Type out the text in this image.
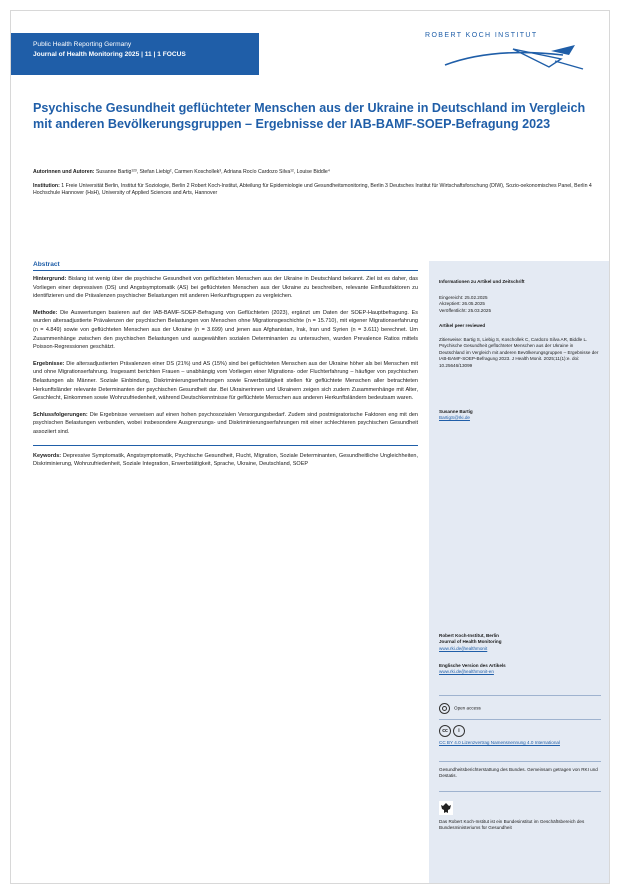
Public Health Reporting Germany
Journal of Health Monitoring 2025 | 11 | 1 FOCUS
ROBERT KOCH INSTITUT
Psychische Gesundheit geflüchteter Menschen aus der Ukraine in Deutschland im Vergleich mit anderen Bevölkerungsgruppen – Ergebnisse der IAB-BAMF-SOEP-Befragung 2023
Autorinnen und Autoren: Susanne Bartig¹²³, Stefan Liebig², Carmen Koschollek³, Adriana Rocío Cardozo Silva¹², Louise Biddle⁴
Institution: 1 Freie Universität Berlin, Institut für Soziologie, Berlin 2 Robert Koch-Institut, Abteilung für Epidemiologie und Gesundheitsmonitoring, Berlin 3 Deutsches Institut für Wirtschaftsforschung (DIW), Sozio-oekonomisches Panel, Berlin 4 Hochschule Hannover (HsH), University of Applied Sciences and Arts, Hannover
Abstract

Hintergrund: Bislang ist wenig über die psychische Gesundheit von geflüchteten Menschen aus der Ukraine in Deutschland bekannt. Ziel ist es daher, das Vorliegen einer depressiven (DS) und Angstsymptomatik (AS) bei geflüchteten Menschen aus der Ukraine zu beschreiben, relevante Einflussfaktoren zu identifizieren und die Prävalenzen psychischer Belastungen mit anderen Herkunftsgruppen zu vergleichen.

Methode: Die Auswertungen basieren auf der IAB-BAMF-SOEP-Befragung von Geflüchteten (2023), ergänzt um Daten der SOEP-Hauptbefragung. Es wurden altersadjustierte Prävalenzen der psychischen Belastungen von Menschen ohne Migrationsgeschichte (n = 15.710), mit eigener Migrationserfahrung (n = 4.849) sowie von geflüchteten Menschen aus der Ukraine (n = 3.699) und jenen aus Afghanistan, Irak, Iran und Syrien (n = 3.611) berechnet. Um Zusammenhänge zwischen den psychischen Belastungen und ausgewählten sozialen Determinanten zu untersuchen, wurden Prevalence Ratios mittels Poisson-Regressionen geschätzt.

Ergebnisse: Die altersadjustierten Prävalenzen einer DS (21%) und AS (15%) sind bei geflüchteten Menschen aus der Ukraine höher als bei Menschen mit und ohne Migrationserfahrung. Insgesamt berichten Frauen – unabhängig vom Vorliegen einer Migrations- oder Fluchterfahrung – häufiger von psychischen Belastungen als Männer. Soziale Einbindung, Diskriminierungserfahrungen sowie Erwerbstätigkeit stellen für geflüchtete Menschen aller betrachteten Herkunftsländer relevante Determinanten der psychischen Gesundheit dar. Bei Ukrainerinnen und Ukrainern zeigen sich zudem Zusammenhänge mit Alter, Geschlecht, Einkommen sowie Wohnzufriedenheit, während Deutschkenntnisse für geflüchtete Menschen aus anderen Herkunftsländern bedeutsam waren.

Schlussfolgerungen: Die Ergebnisse verweisen auf einen hohen psychosozialen Versorgungsbedarf. Zudem sind postmigratorische Faktoren eng mit den psychischen Belastungen verbunden, wobei insbesondere Ausgrenzungs- und Diskriminierungserfahrungen mit einer schlechteren psychischen Gesundheit assoziiert sind.

Keywords: Depressive Symptomatik, Angstsymptomatik, Psychische Gesundheit, Flucht, Migration, Soziale Determinanten, Gesundheitliche Ungleichheiten, Diskriminierung, Wohnzufriedenheit, Soziale Integration, Erwerbstätigkeit, Sprache, Ukraine, Deutschland, SOEP

Informationen zu Artikel und Zeitschrift
Eingereicht: 25.02.2025
Akzeptiert: 26.05.2025
Veröffentlicht: 25.03.2025
Artikel peer reviewed
Zitierweise: Bartig S, Liebig S, Koschollek C, Cardozo Silva AR, Biddle L. Psychische Gesundheit geflüchteter Menschen aus der Ukraine in Deutschland im Vergleich mit anderen Bevölkerungsgruppen – Ergebnisse der IAB-BAMF-SOEP-Befragung 2023. J Health Monit. 2025;11(1):e. doi: 10.25646/13099
Susanne Bartig
BartigS@rki.de
Robert Koch-Institut, Berlin
Journal of Health Monitoring
www.rki.de/jhealthmonit
Englische Version des Artikels
www.rki.de/jhealthmonit-en
Open access
cc	i
CC BY 4.0 Lizenzvertrag Namensnennung 4.0 International
Gesundheitsberichterstattung des Bundes. Gemeinsam getragen von RKI und Destatis.
Das Robert Koch-Institut ist ein Bundesinstitut im Geschäftsbereich des Bundesministeriums für Gesundheit
